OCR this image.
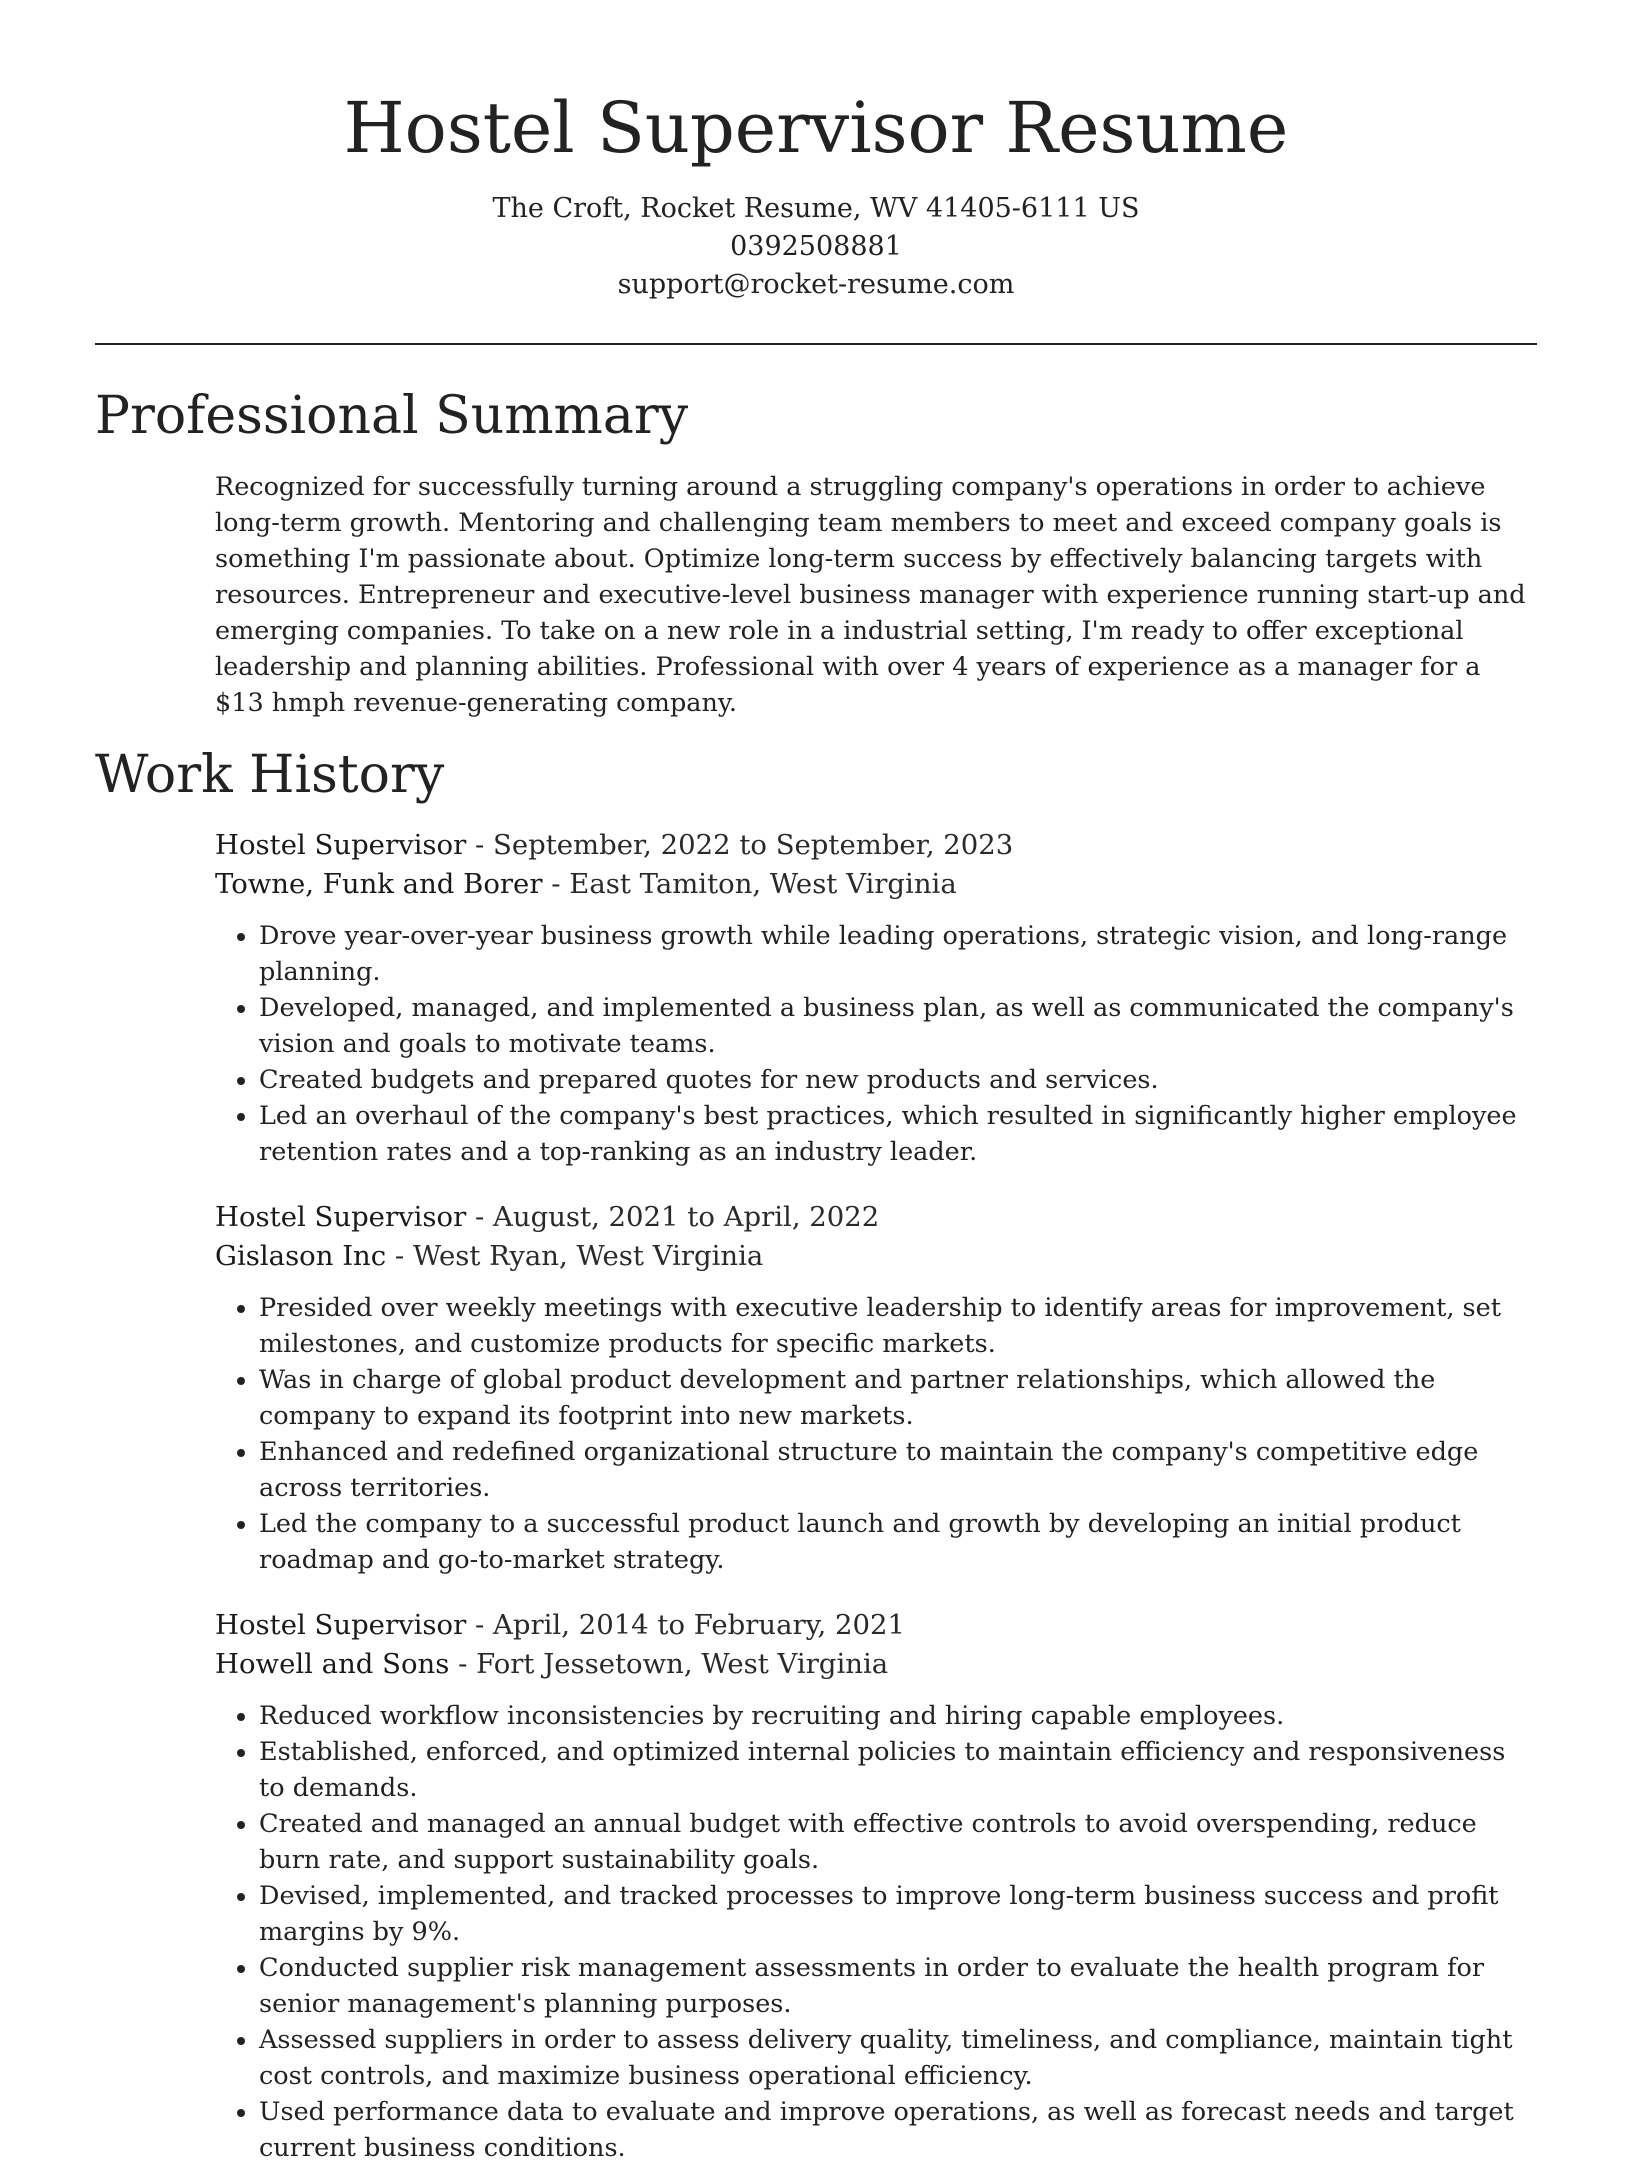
Hostel Supervisor Resume
The Croft, Rocket Resume, WV 41405-6111 US
0392508881
support@rocket-resume.com
Professional Summary

Recognized for successfully turning around a struggling company's operations in order to achieve long-term growth. Mentoring and challenging team members to meet and exceed company goals is something I'm passionate about. Optimize long-term success by effectively balancing targets with resources. Entrepreneur and executive-level business manager with experience running start-up and emerging companies. To take on a new role in a industrial setting, I'm ready to offer exceptional leadership and planning abilities. Professional with over 4 years of experience as a manager for a $13 hmph revenue-generating company.

Work History
Hostel Supervisor - September, 2022 to September, 2023
Towne, Funk and Borer - East Tamiton, West Virginia
• Drove year-over-year business growth while leading operations, strategic vision, and long-range planning.
• Developed, managed, and implemented a business plan, as well as communicated the company's vision and goals to motivate teams.
• Created budgets and prepared quotes for new products and services.
• Led an overhaul of the company's best practices, which resulted in significantly higher employee retention rates and a top-ranking as an industry leader.
Hostel Supervisor - August, 2021 to April, 2022
Gislason Inc - West Ryan, West Virginia
• Presided over weekly meetings with executive leadership to identify areas for improvement, set milestones, and customize products for specific markets.
• Was in charge of global product development and partner relationships, which allowed the company to expand its footprint into new markets.
• Enhanced and redefined organizational structure to maintain the company's competitive edge across territories.
• Led the company to a successful product launch and growth by developing an initial product roadmap and go-to-market strategy.
Hostel Supervisor - April, 2014 to February, 2021
Howell and Sons - Fort Jessetown, West Virginia
• Reduced workflow inconsistencies by recruiting and hiring capable employees.
• Established, enforced, and optimized internal policies to maintain efficiency and responsiveness to demands.
• Created and managed an annual budget with effective controls to avoid overspending, reduce burn rate, and support sustainability goals.
• Devised, implemented, and tracked processes to improve long-term business success and profit margins by 9%.
• Conducted supplier risk management assessments in order to evaluate the health program for senior management's planning purposes.
• Assessed suppliers in order to assess delivery quality, timeliness, and compliance, maintain tight cost controls, and maximize business operational efficiency.
• Used performance data to evaluate and improve operations, as well as forecast needs and target current business conditions.
